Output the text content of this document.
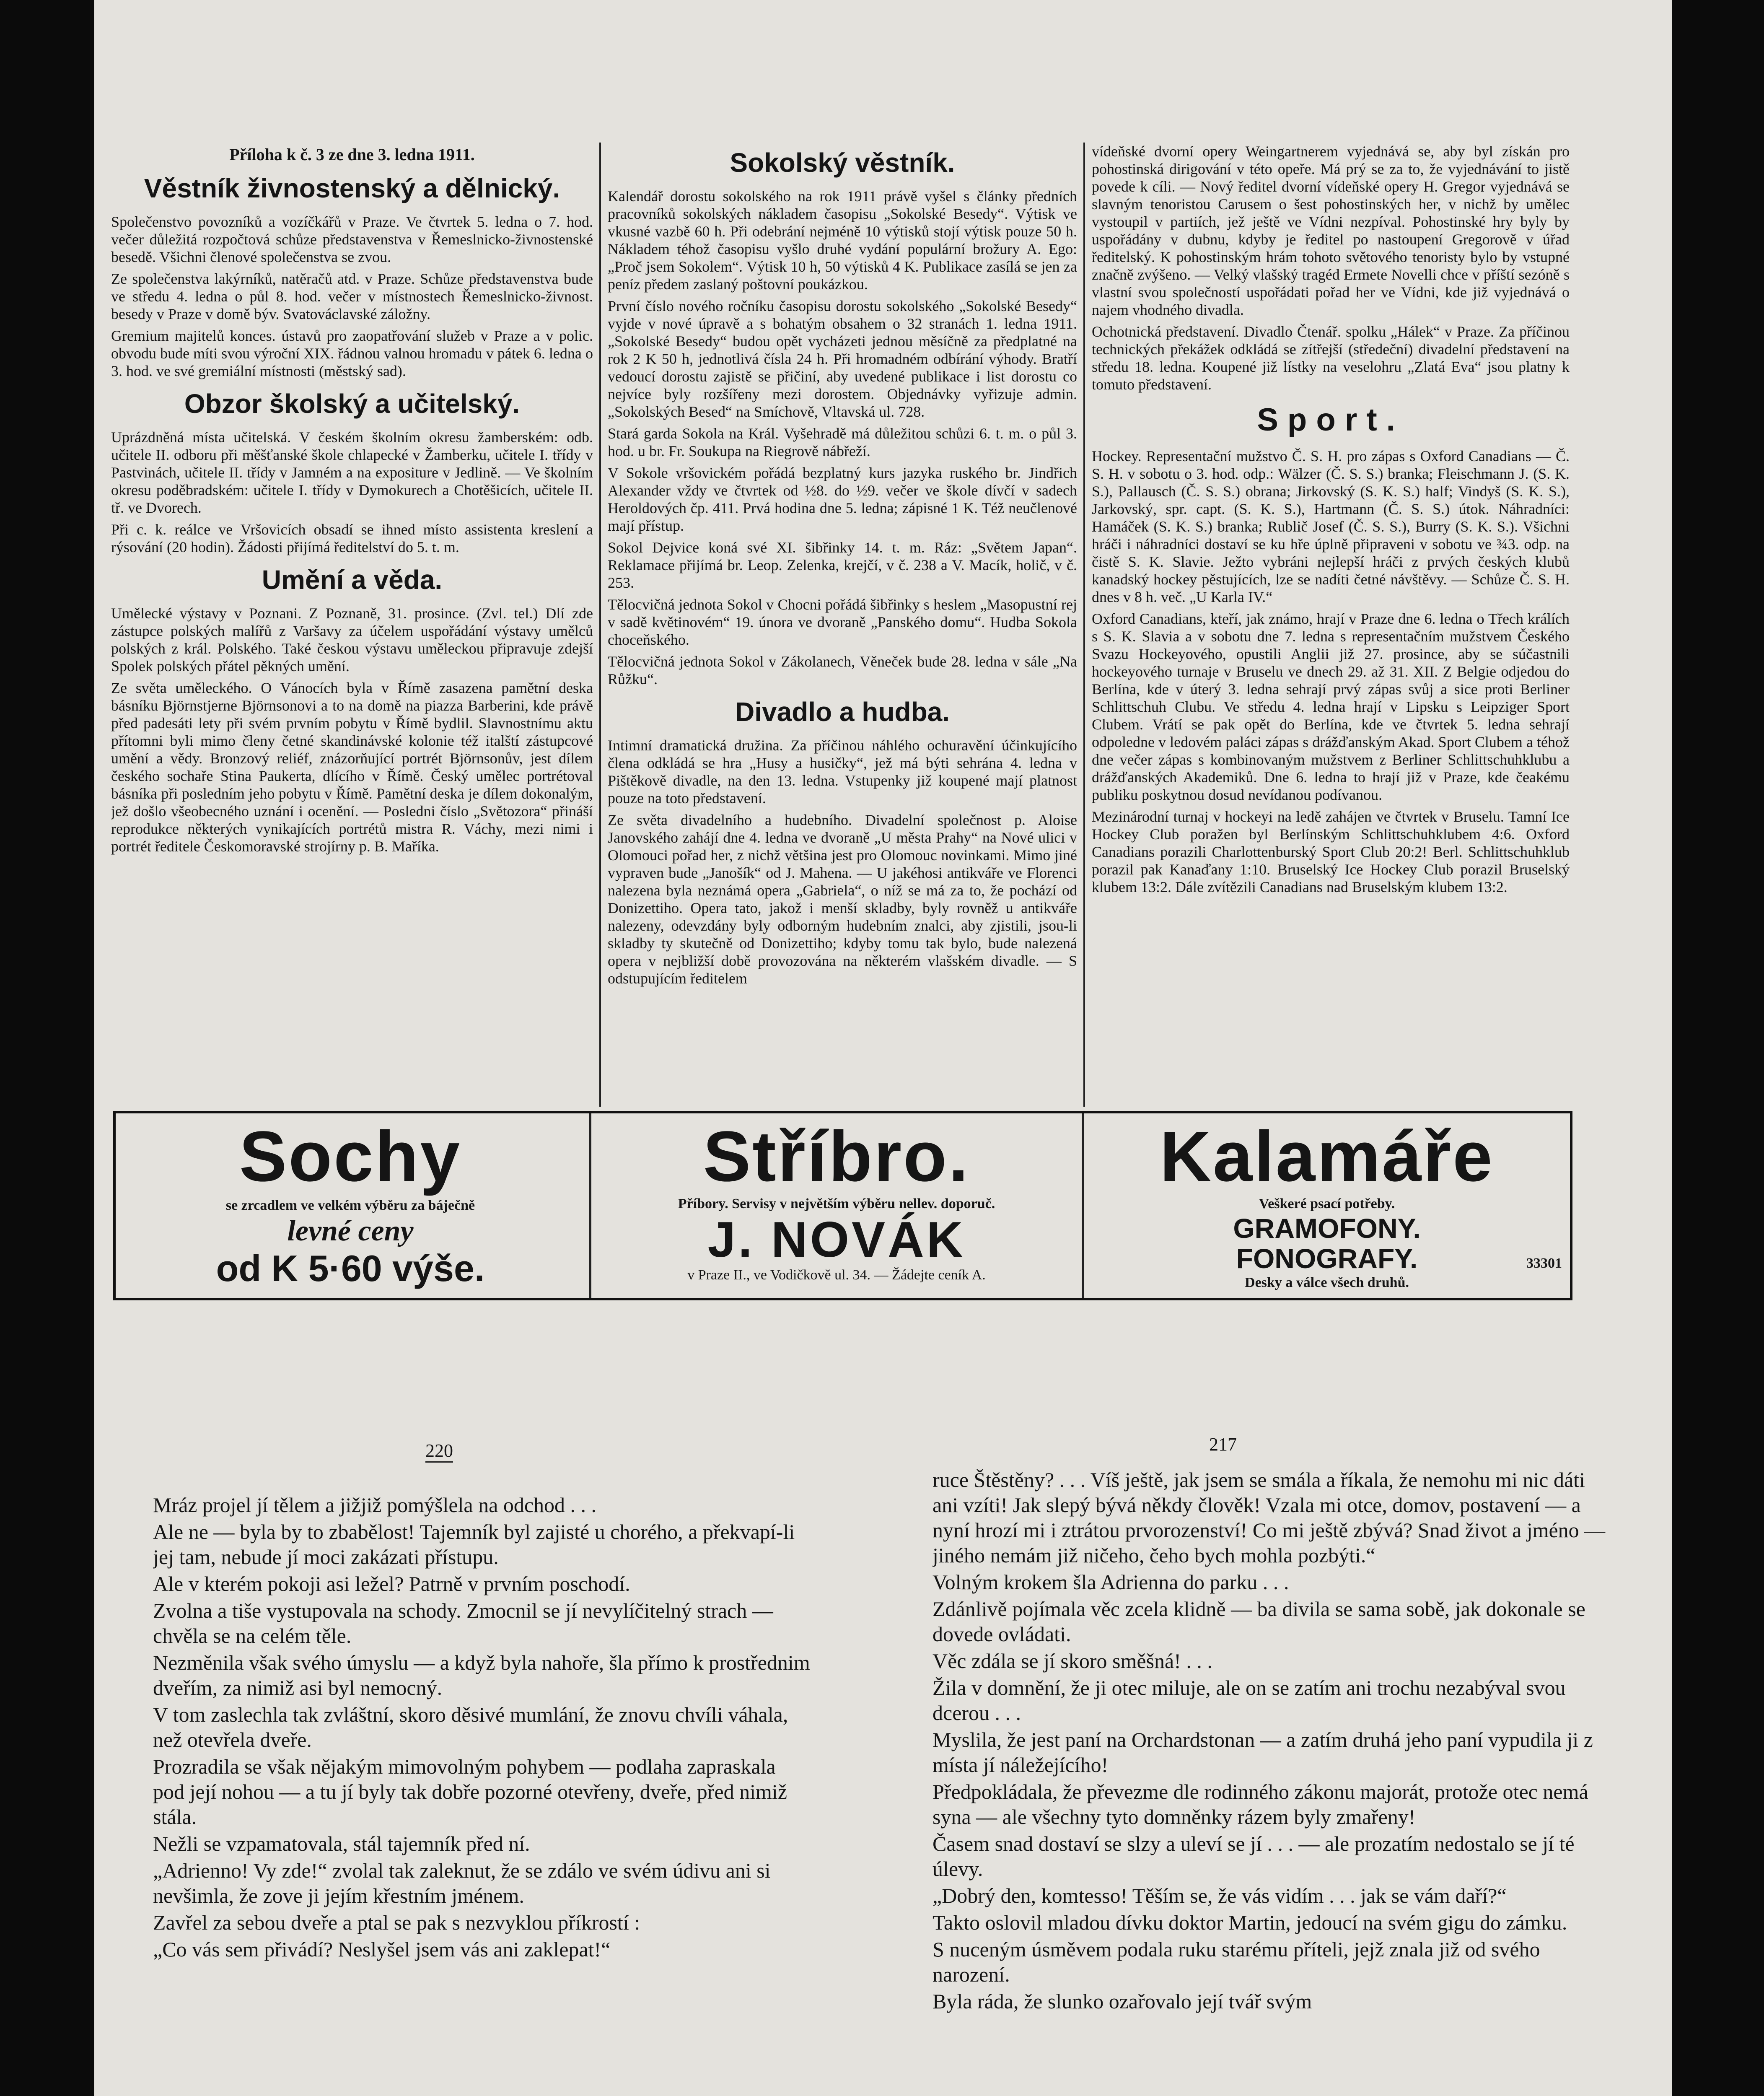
Příloha k č. 3 ze dne 3. ledna 1911.
Věstník živnostenský a dělnický.

Společenstvo povozníků a vozíčkářů v Praze. Ve čtvrtek 5. ledna o 7. hod. večer důležitá rozpočtová schůze představenstva v Řemeslnicko-živnostenské besedě. Všichni členové společenstva se zvou.

Ze společenstva lakýrníků, natěračů atd. v Praze. Schůze představenstva bude ve středu 4. ledna o půl 8. hod. večer v místnostech Řemeslnicko-živnost. besedy v Praze v domě býv. Svatováclavské záložny.

Gremium majitelů konces. ústavů pro zaopatřování služeb v Praze a v polic. obvodu bude míti svou výroční XIX. řádnou valnou hromadu v pátek 6. ledna o 3. hod. ve své gremiální místnosti (městský sad).

Obzor školský a učitelský.

Uprázdněná místa učitelská. V českém školním okresu žamberském: odb. učitele II. odboru při měšťanské škole chlapecké v Žamberku, učitele I. třídy v Pastvinách, učitele II. třídy v Jamném a na expositure v Jedlině. — Ve školním okresu poděbradském: učitele I. třídy v Dymokurech a Chotěšicích, učitele II. tř. ve Dvorech.

Při c. k. reálce ve Vršovicích obsadí se ihned místo assistenta kreslení a rýsování (20 hodin). Žádosti přijímá ředitelství do 5. t. m.

Umění a věda.

Umělecké výstavy v Poznani. Z Poznaně, 31. prosince. (Zvl. tel.) Dlí zde zástupce polských malířů z Varšavy za účelem uspořádání výstavy umělců polských z král. Polského. Také českou výstavu uměleckou připravuje zdejší Spolek polských přátel pěkných umění.

Ze světa uměleckého. O Vánocích byla v Římě zasazena pamětní deska básníku Björnstjerne Björnsonovi a to na domě na piazza Barberini, kde právě před padesáti lety při svém prvním pobytu v Římě bydlil. Slavnostnímu aktu přítomni byli mimo členy četné skandinávské kolonie též italští zástupcové umění a vědy. Bronzový reliéf, znázorňující portrét Björnsonův, jest dílem českého sochaře Stina Paukerta, dlícího v Římě. Český umělec portrétoval básníka při posledním jeho pobytu v Římě. Pamětní deska je dílem dokonalým, jež došlo všeobecného uznání i ocenění. — Posledni číslo „Světozora“ přináší reprodukce některých vynikajících portrétů mistra R. Váchy, mezi nimi i portrét ředitele Českomoravské strojírny p. B. Maříka.

Sokolský věstník.

Kalendář dorostu sokolského na rok 1911 právě vyšel s články předních pracovníků sokolských nákladem časopisu „Sokolské Besedy“. Výtisk ve vkusné vazbě 60 h. Při odebrání nejméně 10 výtisků stojí výtisk pouze 50 h. Nákladem téhož časopisu vyšlo druhé vydání populární brožury A. Ego: „Proč jsem Sokolem“. Výtisk 10 h, 50 výtisků 4 K. Publikace zasílá se jen za peníz předem zaslaný poštovní poukázkou.

První číslo nového ročníku časopisu dorostu sokolského „Sokolské Besedy“ vyjde v nové úpravě a s bohatým obsahem o 32 stranách 1. ledna 1911. „Sokolské Besedy“ budou opět vycházeti jednou měsíčně za předplatné na rok 2 K 50 h, jednotlivá čísla 24 h. Při hromadném odbírání výhody. Bratří vedoucí dorostu zajistě se přičiní, aby uvedené publikace i list dorostu co nejvíce byly rozšířeny mezi dorostem. Objednávky vyřizuje admin. „Sokolských Besed“ na Smíchově, Vltavská ul. 728.

Stará garda Sokola na Král. Vyšehradě má důležitou schůzi 6. t. m. o půl 3. hod. u br. Fr. Soukupa na Riegrově nábřeží.

V Sokole vršovickém pořádá bezplatný kurs jazyka ruského br. Jindřich Alexander vždy ve čtvrtek od ½8. do ½9. večer ve škole dívčí v sadech Heroldových čp. 411. Prvá hodina dne 5. ledna; zápisné 1 K. Též neučlenové mají přístup.

Sokol Dejvice koná své XI. šibřinky 14. t. m. Ráz: „Světem Japan“. Reklamace přijímá br. Leop. Zelenka, krejčí, v č. 238 a V. Macík, holič, v č. 253.

Tělocvičná jednota Sokol v Chocni pořádá šibřinky s heslem „Masopustní rej v sadě květinovém“ 19. února ve dvoraně „Panského domu“. Hudba Sokola choceňského.

Tělocvičná jednota Sokol v Zákolanech, Věneček bude 28. ledna v sále „Na Růžku“.

Divadlo a hudba.

Intimní dramatická družina. Za příčinou náhlého ochuravění účinkujícího člena odkládá se hra „Husy a husičky“, jež má býti sehrána 4. ledna v Pištěkově divadle, na den 13. ledna. Vstupenky již koupené mají platnost pouze na toto představení.

Ze světa divadelního a hudebního. Divadelní společnost p. Aloise Janovského zahájí dne 4. ledna ve dvoraně „U města Prahy“ na Nové ulici v Olomouci pořad her, z nichž většina jest pro Olomouc novinkami. Mimo jiné vypraven bude „Janošík“ od J. Mahena. — U jakéhosi antikváře ve Florenci nalezena byla neznámá opera „Gabriela“, o níž se má za to, že pochází od Donizettiho. Opera tato, jakož i menší skladby, byly rovněž u antikváře nalezeny, odevzdány byly odborným hudebním znalci, aby zjistili, jsou-li skladby ty skutečně od Donizettiho; kdyby tomu tak bylo, bude nalezená opera v nejbližší době provozována na některém vlašském divadle. — S odstupujícím ředitelem

vídeňské dvorní opery Weingartnerem vyjednává se, aby byl získán pro pohostinská dirigování v této opeře. Má prý se za to, že vyjednávání to jistě povede k cíli. — Nový ředitel dvorní vídeňské opery H. Gregor vyjednává se slavným tenoristou Carusem o šest pohostinských her, v nichž by umělec vystoupil v partiích, jež ještě ve Vídni nezpíval. Pohostinské hry byly by uspořádány v dubnu, kdyby je ředitel po nastoupení Gregorově v úřad ředitelský. K pohostinským hrám tohoto světového tenoristy bylo by vstupné značně zvýšeno. — Velký vlašský tragéd Ermete Novelli chce v příští sezóně s vlastní svou společností uspořádati pořad her ve Vídni, kde již vyjednává o najem vhodného divadla.

Ochotnická představení. Divadlo Čtenář. spolku „Hálek“ v Praze. Za příčinou technických překážek odkládá se zítřejší (středeční) divadelní představení na středu 18. ledna. Koupené již lístky na veselohru „Zlatá Eva“ jsou platny k tomuto představení.

Sport.

Hockey. Representační mužstvo Č. S. H. pro zápas s Oxford Canadians — Č. S. H. v sobotu o 3. hod. odp.: Wälzer (Č. S. S.) branka; Fleischmann J. (S. K. S.), Pallausch (Č. S. S.) obrana; Jirkovský (S. K. S.) half; Vindyš (S. K. S.), Jarkovský, spr. capt. (S. K. S.), Hartmann (Č. S. S.) útok. Náhradníci: Hamáček (S. K. S.) branka; Rublič Josef (Č. S. S.), Burry (S. K. S.). Všichni hráči i náhradníci dostaví se ku hře úplně připraveni v sobotu ve ¾3. odp. na čistě S. K. Slavie. Ježto vybráni nejlepší hráči z prvých českých klubů kanadský hockey pěstujících, lze se nadíti četné návštěvy. — Schůze Č. S. H. dnes v 8 h. več. „U Karla IV.“

Oxford Canadians, kteří, jak známo, hrají v Praze dne 6. ledna o Třech králích s S. K. Slavia a v sobotu dne 7. ledna s representačním mužstvem Českého Svazu Hockeyového, opustili Anglii již 27. prosince, aby se súčastnili hockeyového turnaje v Bruselu ve dnech 29. až 31. XII. Z Belgie odjedou do Berlína, kde v úterý 3. ledna sehrají prvý zápas svůj a sice proti Berliner Schlittschuh Clubu. Ve středu 4. ledna hrají v Lipsku s Leipziger Sport Clubem. Vrátí se pak opět do Berlína, kde ve čtvrtek 5. ledna sehrají odpoledne v ledovém paláci zápas s drážďanským Akad. Sport Clubem a téhož dne večer zápas s kombinovaným mužstvem z Berliner Schlittschuhklubu a drážďanských Akademiků. Dne 6. ledna to hrají již v Praze, kde čeakému publiku poskytnou dosud nevídanou podívanou.

Mezinárodní turnaj v hockeyi na ledě zahájen ve čtvrtek v Bruselu. Tamní Ice Hockey Club poražen byl Berlínským Schlittschuhklubem 4:6. Oxford Canadians porazili Charlottenburský Sport Club 20:2! Berl. Schlittschuhklub porazil pak Kanaďany 1:10. Bruselský Ice Hockey Club porazil Bruselský klubem 13:2. Dále zvítězili Canadians nad Bruselským klubem 13:2.

Sochy
se zrcadlem ve velkém výběru za báječně
levné ceny
od K 5·60 výše.
Stříbro.
Příbory. Servisy v největším výběru nellev. doporuč.
J. NOVÁK
v Praze II., ve Vodičkově ul. 34. — Žádejte ceník A.
Kalamáře
Veškeré psací potřeby.
GRAMOFONY.
FONOGRAFY.
Desky a válce všech druhů.
33301
220	217

Mráz projel jí tělem a jižjiž pomýšlela na odchod . . .

Ale ne — byla by to zbabělost! Tajemník byl zajisté u chorého, a překvapí-li jej tam, nebude jí moci zakázati přístupu.

Ale v kterém pokoji asi ležel? Patrně v prvním poschodí.

Zvolna a tiše vystupovala na schody. Zmocnil se jí nevylíčitelný strach — chvěla se na celém těle.

Nezměnila však svého úmyslu — a když byla nahoře, šla přímo k prostřednim dveřím, za nimiž asi byl nemocný.

V tom zaslechla tak zvláštní, skoro děsivé mumlání, že znovu chvíli váhala, než otevřela dveře.

Prozradila se však nějakým mimovolným pohybem — podlaha zapraskala pod její nohou — a tu jí byly tak dobře pozorné otevřeny, dveře, před nimiž stála.

Nežli se vzpamatovala, stál tajemník před ní.

„Adrienno! Vy zde!“ zvolal tak zaleknut, že se zdálo ve svém údivu ani si nevšimla, že zove ji jejím křestním jménem.

Zavřel za sebou dveře a ptal se pak s nezvyklou příkrostí :

„Co vás sem přivádí? Neslyšel jsem vás ani zaklepat!“

ruce Štěstěny? . . . Víš ještě, jak jsem se smála a říkala, že nemohu mi nic dáti ani vzíti! Jak slepý bývá někdy člověk! Vzala mi otce, domov, postavení — a nyní hrozí mi i ztrátou prvorozenství! Co mi ještě zbývá? Snad život a jméno — jiného nemám již ničeho, čeho bych mohla pozbýti.“

Volným krokem šla Adrienna do parku . . .

Zdánlivě pojímala věc zcela klidně — ba divila se sama sobě, jak dokonale se dovede ovládati.

Věc zdála se jí skoro směšná! . . .

Žila v domnění, že ji otec miluje, ale on se zatím ani trochu nezabýval svou dcerou . . .

Myslila, že jest paní na Orchardstonan — a zatím druhá jeho paní vypudila ji z místa jí náležejícího!

Předpokládala, že převezme dle rodinného zákonu majorát, protože otec nemá syna — ale všechny tyto domněnky rázem byly zmařeny!

Časem snad dostaví se slzy a uleví se jí . . . — ale prozatím nedostalo se jí té úlevy.

„Dobrý den, komtesso! Těším se, že vás vidím . . . jak se vám daří?“

Takto oslovil mladou dívku doktor Martin, jedoucí na svém gigu do zámku.

S nuceným úsměvem podala ruku starému příteli, jejž znala již od svého narození.

Byla ráda, že slunko ozařovalo její tvář svým
